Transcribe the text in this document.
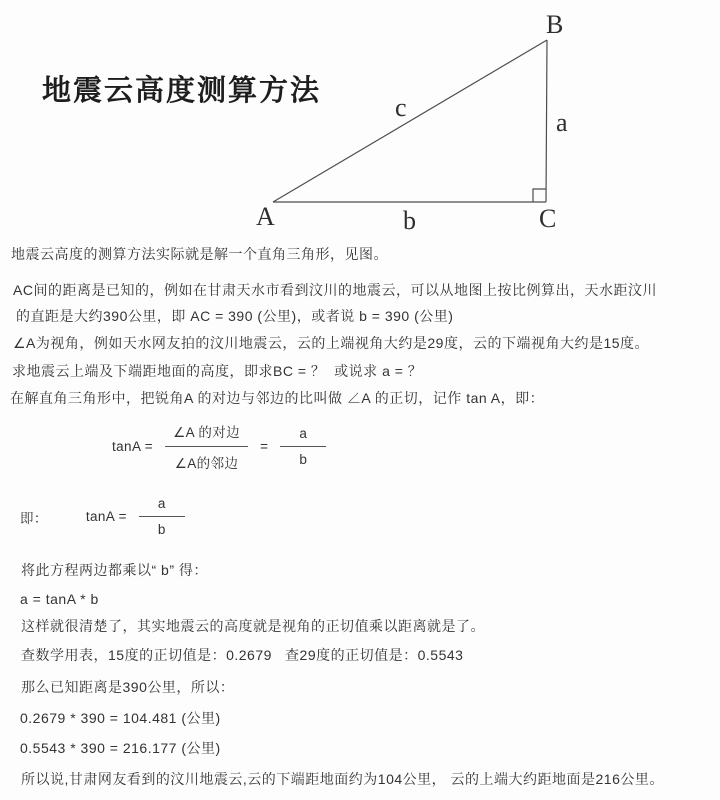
地震云高度测算方法
B
c
a
A	b	C

地震云高度的测算方法实际就是解一个直角三角形，见图。

AC间的距离是已知的，例如在甘肃天水市看到汶川的地震云，可以从地图上按比例算出，天水距汶川

的直距是大约390公里，即 AC = 390 (公里)，或者说 b = 390 (公里)

∠A为视角，例如天水网友拍的汶川地震云，云的上端视角大约是29度，云的下端视角大约是15度。

求地震云上端及下端距地面的高度，即求BC = ？  或说求 a = ？

在解直角三角形中，把锐角A 的对边与邻边的比叫做 ∠A 的正切，记作 tan A，即：

$\tan A = \frac{\text{∠A 的对边}}{\text{∠A的邻边}} = \frac{a}{b}$
即：	$\tan A = \frac{a}{b}$

将此方程两边都乘以“ b” 得：

a = tanA * b

这样就很清楚了，其实地震云的高度就是视角的正切值乘以距离就是了。

查数学用表，15度的正切值是：0.2679   查29度的正切值是：0.5543

那么已知距离是390公里，所以：

0.2679 * 390 = 104.481 (公里)

0.5543 * 390 = 216.177 (公里)

所以说,甘肃网友看到的汶川地震云,云的下端距地面约为104公里， 云的上端大约距地面是216公里。
